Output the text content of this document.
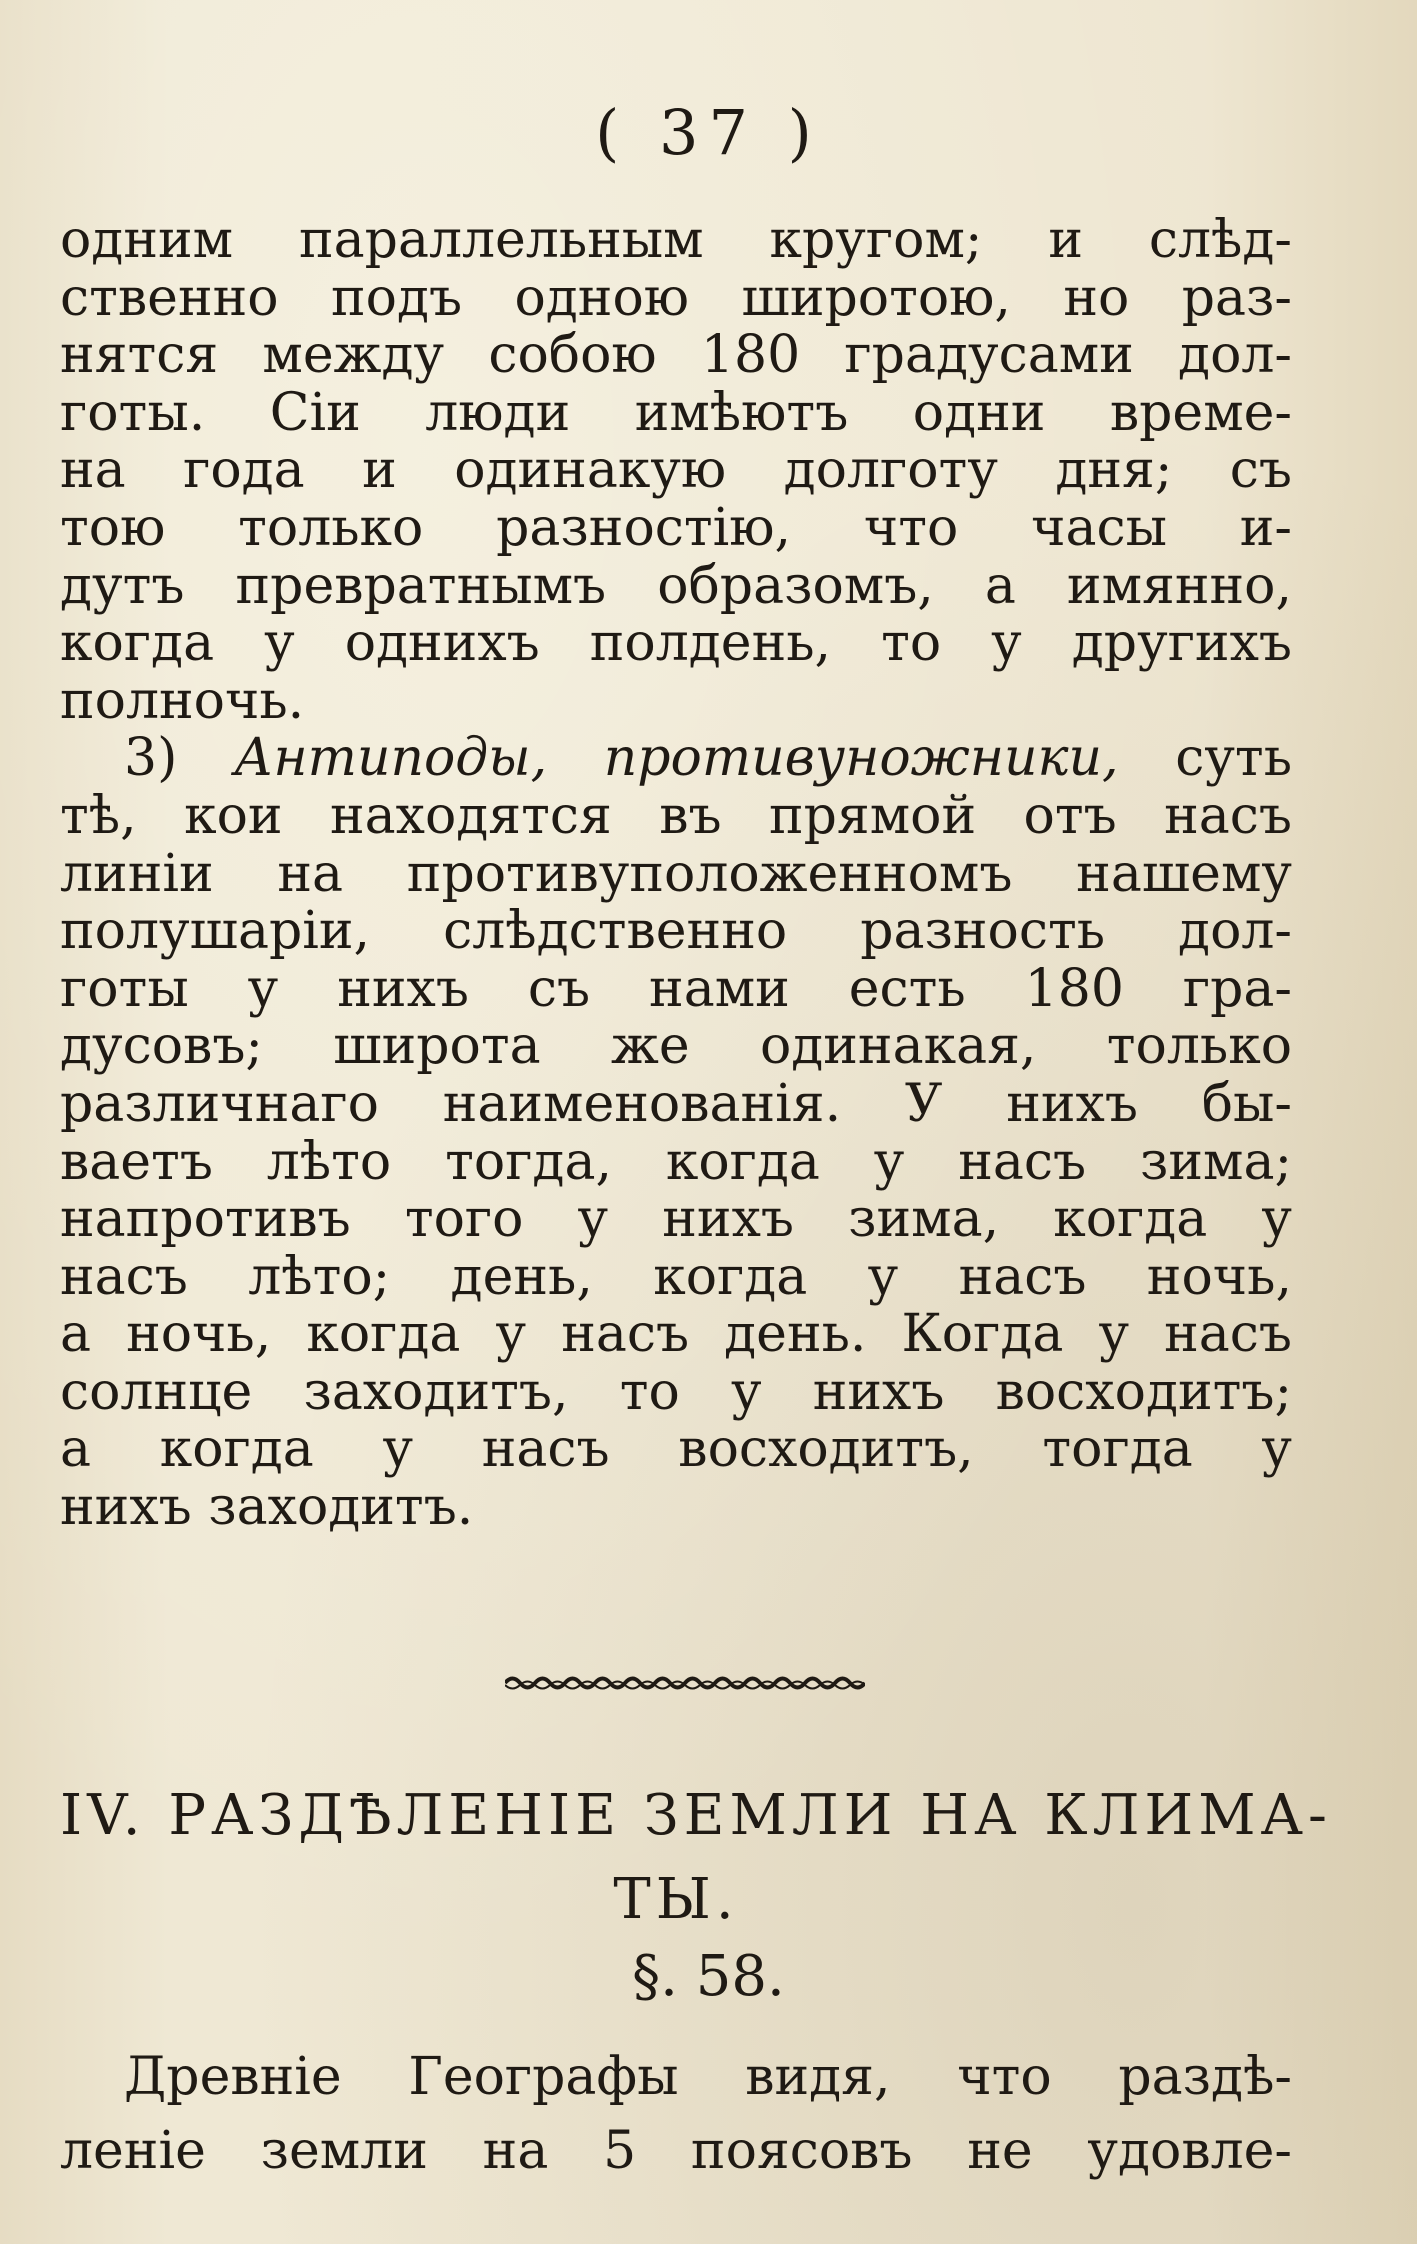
( 37 )
одним параллельным кругом; и слѣд-
ственно подъ одною широтою, но раз-
нятся между собою 180 градусами дол-
готы. Сіи люди имѣютъ одни време-
на года и одинакую долготу дня; съ
тою только разностію, что часы и-
дутъ превратнымъ образомъ, а имянно,
когда у однихъ полдень, то у другихъ
полночь.
3) Антиподы, противуножники, суть
тѣ, кои находятся въ прямой отъ насъ
линіи на противуположенномъ нашему
полушаріи, слѣдственно разность дол-
готы у нихъ съ нами есть 180 гра-
дусовъ; широта же одинакая, только
различнаго наименованія. У нихъ бы-
ваетъ лѣто тогда, когда у насъ зима;
напротивъ того у нихъ зима, когда у
насъ лѣто; день, когда у насъ ночь,
а ночь, когда у насъ день. Когда у насъ
солнце заходитъ, то у нихъ восходитъ;
а когда у насъ восходитъ, тогда у
нихъ заходитъ.
IV. РАЗДѢЛЕНІЕ ЗЕМЛИ НА КЛИМА-
ТЫ.
§. 58.
Древніе Географы видя, что раздѣ-
леніе земли на 5 поясовъ не удовле-
